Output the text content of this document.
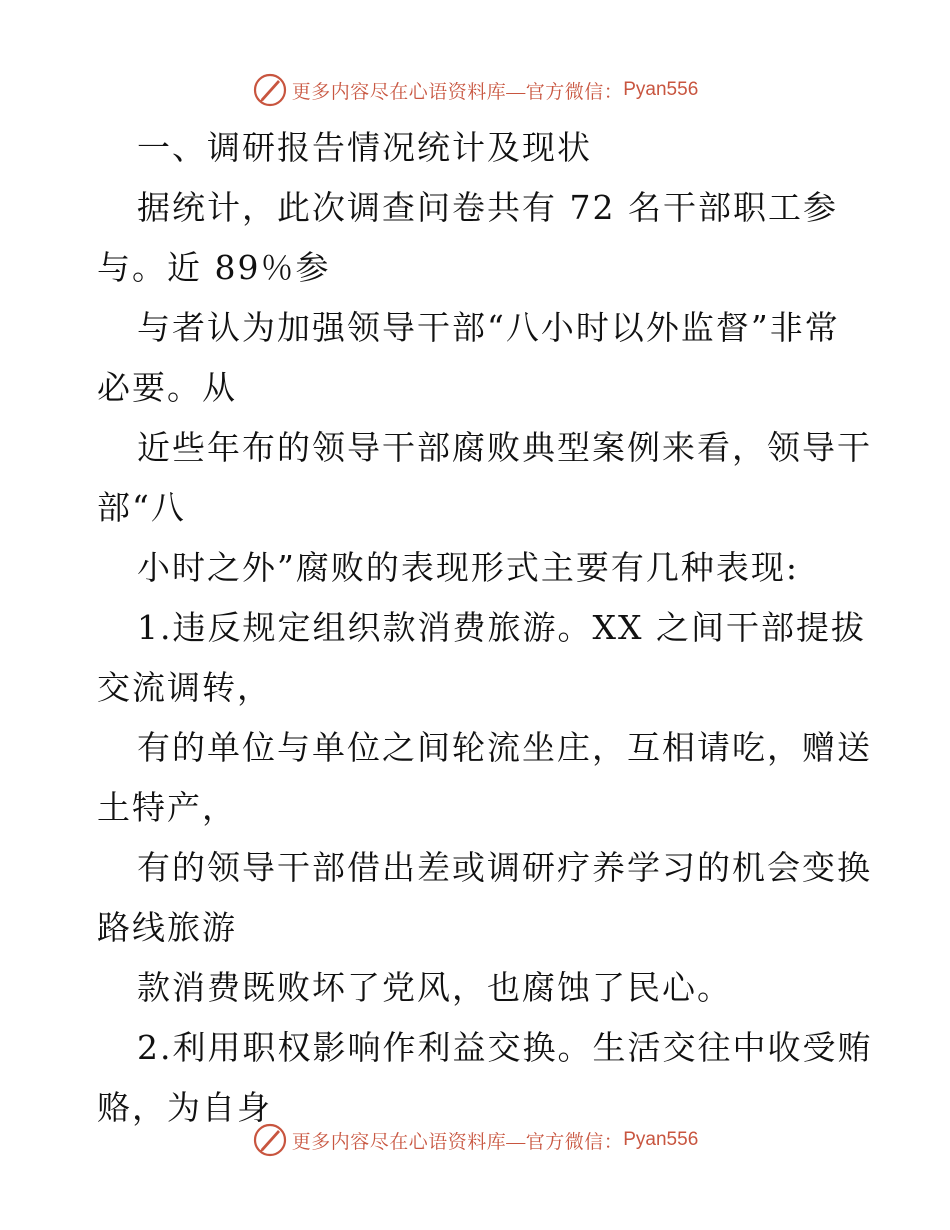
更多内容尽在心语资料库—官方微信： Pyan556
一、调研报告情况统计及现状
据统计，此次调查问卷共有 72 名干部职工参
与。近 89％参
与者认为加强领导干部“八小时以外监督”非常
必要。从
近些年布的领导干部腐败典型案例来看，领导干
部“八
小时之外”腐败的表现形式主要有几种表现:
1.违反规定组织款消费旅游。XX 之间干部提拔
交流调转，
有的单位与单位之间轮流坐庄，互相请吃，赠送
土特产，
有的领导干部借出差或调研疗养学习的机会变换
路线旅游
款消费既败坏了党风，也腐蚀了民心。
2.利用职权影响作利益交换。生活交往中收受贿
赂，为自身
更多内容尽在心语资料库—官方微信： Pyan556
